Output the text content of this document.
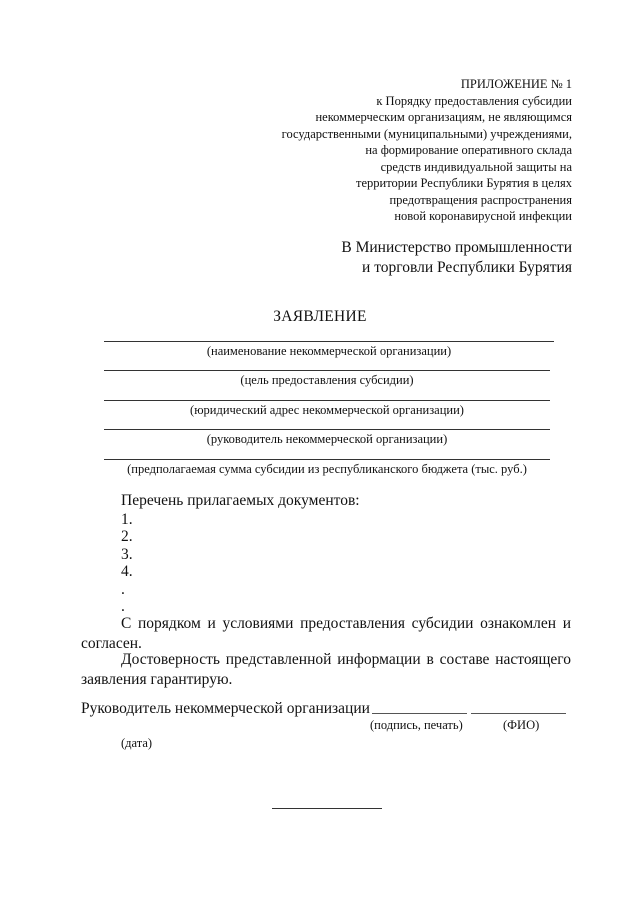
ПРИЛОЖЕНИЕ № 1
к Порядку предоставления субсидии
некоммерческим организациям, не являющимся
государственными (муниципальными) учреждениями,
на формирование оперативного склада
средств индивидуальной защиты на
территории Республики Бурятия в целях
предотвращения распространения
новой коронавирусной инфекции
В Министерство промышленности
и торговли Республики Бурятия
ЗАЯВЛЕНИЕ
(наименование некоммерческой организации)
(цель предоставления субсидии)
(юридический адрес некоммерческой организации)
(руководитель некоммерческой организации)
(предполагаемая сумма субсидии из республиканского бюджета (тыс. руб.)
Перечень прилагаемых документов:
1.
2.
3.
4.
.
.
С порядком и условиями предоставления субсидии ознакомлен и согласен.
Достоверность представленной информации в составе настоящего заявления гарантирую.
Руководитель некоммерческой организации
(подпись, печать)	(ФИО)
(дата)
